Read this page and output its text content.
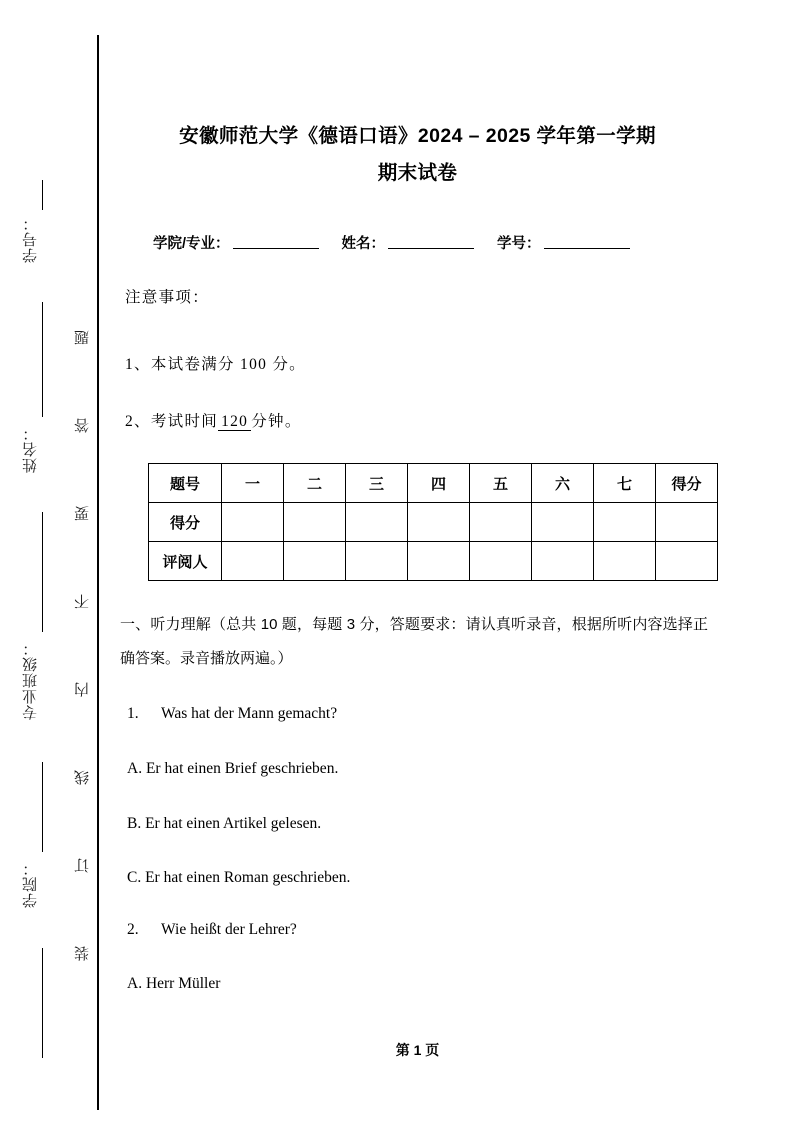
学号：
姓名：
专业班级：
学院：
题
答
要
不
内
线
订
装
安徽师范大学《德语口语》2024 – 2025 学年第一学期
期末试卷
学院/专业：	姓名：	学号：
注意事项：
1、本试卷满分 100 分。
2、考试时间 120 分钟。
题号	一	二	三	四	五	六	七	得分
得分								
评阅人								
一、听力理解（总共 10 题，每题 3 分，答题要求：请认真听录音，根据所听内容选择正确答案。录音播放两遍。）
1. Was hat der Mann gemacht?
A. Er hat einen Brief geschrieben.
B. Er hat einen Artikel gelesen.
C. Er hat einen Roman geschrieben.
2. Wie heißt der Lehrer?
A. Herr Müller
第 1 页
